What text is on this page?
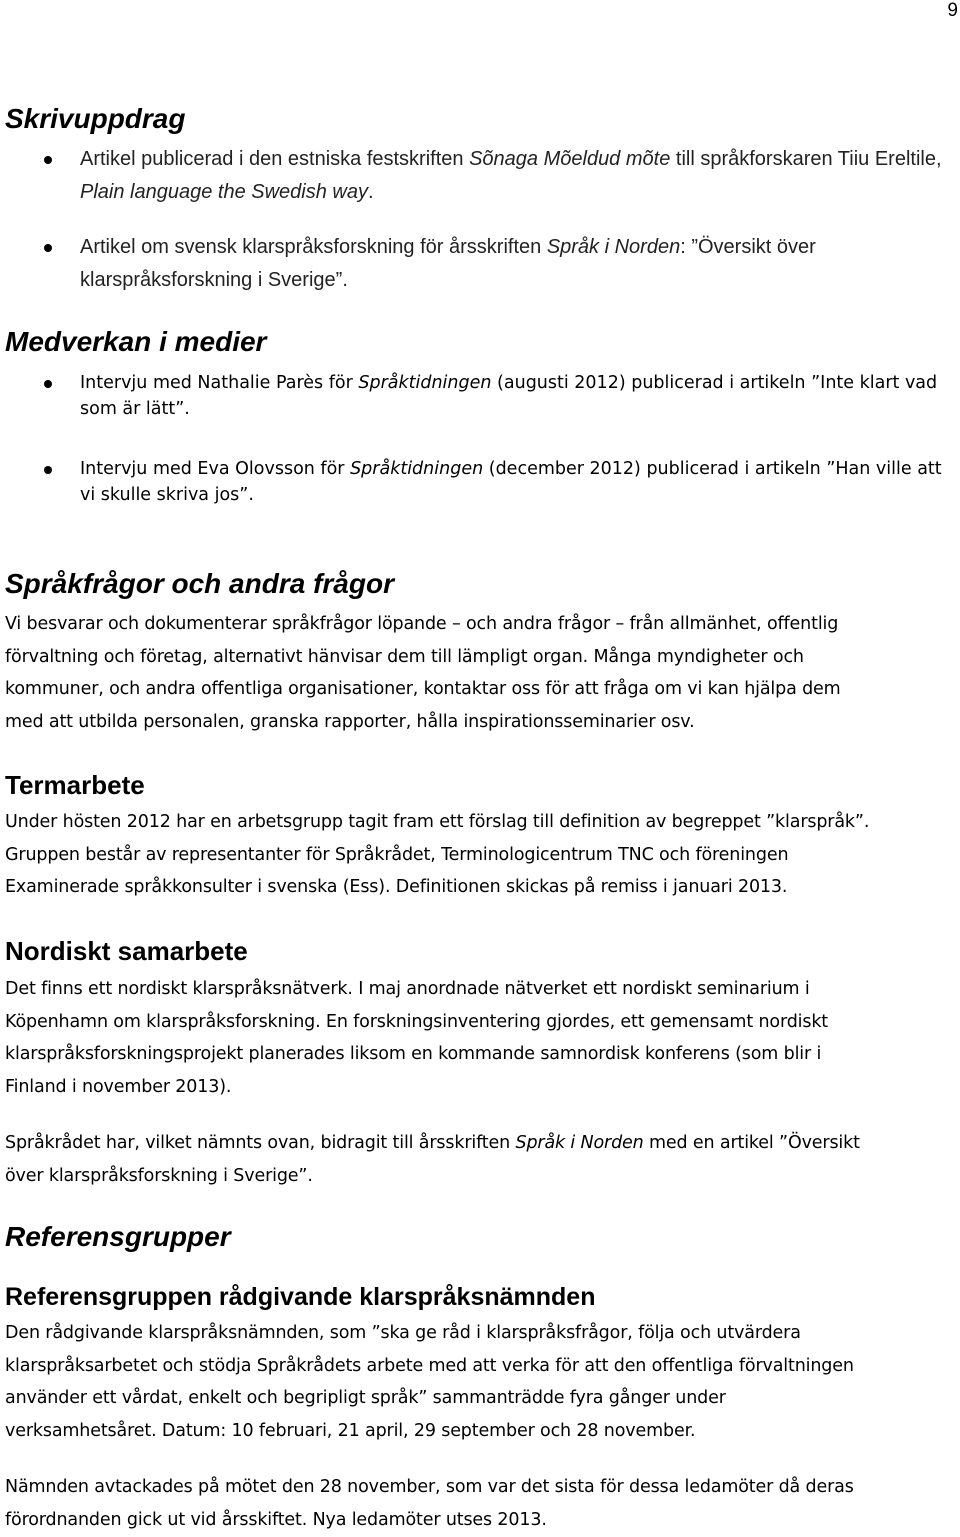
9
Skrivuppdrag
Artikel publicerad i den estniska festskriften Sõnaga Mõeldud mõte till språkforskaren Tiiu Ereltile, Plain language the Swedish way.
Artikel om svensk klarspråksforskning för årsskriften Språk i Norden: ”Översikt över klarspråksforskning i Sverige”.
Medverkan i medier
Intervju med Nathalie Parès för Språktidningen (augusti 2012) publicerad i artikeln ”Inte klart vad som är lätt”.
Intervju med Eva Olovsson för Språktidningen (december 2012) publicerad i artikeln ”Han ville att vi skulle skriva jos”.
Språkfrågor och andra frågor

Vi besvarar och dokumenterar språkfrågor löpande – och andra frågor – från allmänhet, offentlig
förvaltning och företag, alternativt hänvisar dem till lämpligt organ. Många myndigheter och
kommuner, och andra offentliga organisationer, kontaktar oss för att fråga om vi kan hjälpa dem
med att utbilda personalen, granska rapporter, hålla inspirationsseminarier osv.

Termarbete

Under hösten 2012 har en arbetsgrupp tagit fram ett förslag till definition av begreppet ”klarspråk”.
Gruppen består av representanter för Språkrådet, Terminologicentrum TNC och föreningen
Examinerade språkkonsulter i svenska (Ess). Definitionen skickas på remiss i januari 2013.

Nordiskt samarbete

Det finns ett nordiskt klarspråksnätverk. I maj anordnade nätverket ett nordiskt seminarium i
Köpenhamn om klarspråksforskning. En forskningsinventering gjordes, ett gemensamt nordiskt
klarspråksforskningsprojekt planerades liksom en kommande samnordisk konferens (som blir i
Finland i november 2013).

Språkrådet har, vilket nämnts ovan, bidragit till årsskriften Språk i Norden med en artikel ”Översikt
över klarspråksforskning i Sverige”.

Referensgrupper
Referensgruppen rådgivande klarspråksnämnden

Den rådgivande klarspråksnämnden, som ”ska ge råd i klarspråksfrågor, följa och utvärdera
klarspråksarbetet och stödja Språkrådets arbete med att verka för att den offentliga förvaltningen
använder ett vårdat, enkelt och begripligt språk” sammanträdde fyra gånger under
verksamhetsåret. Datum: 10 februari, 21 april, 29 september och 28 november.

Nämnden avtackades på mötet den 28 november, som var det sista för dessa ledamöter då deras
förordnanden gick ut vid årsskiftet. Nya ledamöter utses 2013.
